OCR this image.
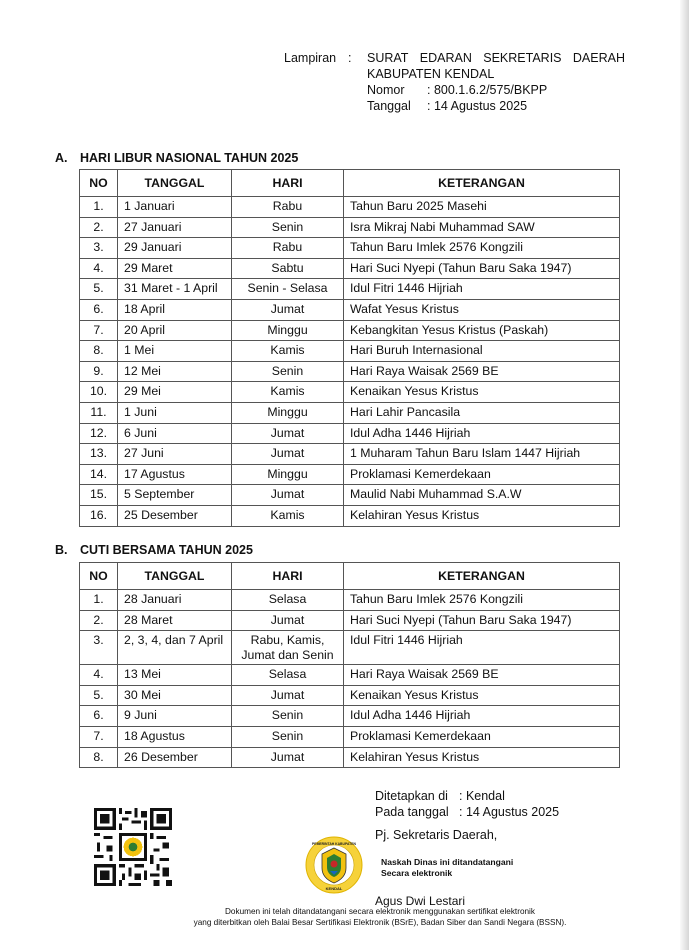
Lampiran : SURAT EDARAN SEKRETARIS DAERAH
KABUPATEN KENDAL
Nomor	: 800.1.6.2/575/BKPP
Tanggal	: 14 Agustus 2025
A. HARI LIBUR NASIONAL TAHUN 2025
NO	TANGGAL	HARI	KETERANGAN
1.	1 Januari	Rabu	Tahun Baru 2025 Masehi
2.	27 Januari	Senin	Isra Mikraj Nabi Muhammad SAW
3.	29 Januari	Rabu	Tahun Baru Imlek 2576 Kongzili
4.	29 Maret	Sabtu	Hari Suci Nyepi (Tahun Baru Saka 1947)
5.	31 Maret - 1 April	Senin - Selasa	Idul Fitri 1446 Hijriah
6.	18 April	Jumat	Wafat Yesus Kristus
7.	20 April	Minggu	Kebangkitan Yesus Kristus (Paskah)
8.	1 Mei	Kamis	Hari Buruh Internasional
9.	12 Mei	Senin	Hari Raya Waisak 2569 BE
10.	29 Mei	Kamis	Kenaikan Yesus Kristus
11.	1 Juni	Minggu	Hari Lahir Pancasila
12.	6 Juni	Jumat	Idul Adha 1446 Hijriah
13.	27 Juni	Jumat	1 Muharam Tahun Baru Islam 1447 Hijriah
14.	17 Agustus	Minggu	Proklamasi Kemerdekaan
15.	5 September	Jumat	Maulid Nabi Muhammad S.A.W
16.	25 Desember	Kamis	Kelahiran Yesus Kristus
B. CUTI BERSAMA TAHUN 2025
NO	TANGGAL	HARI	KETERANGAN
1.	28 Januari	Selasa	Tahun Baru Imlek 2576 Kongzili
2.	28 Maret	Jumat	Hari Suci Nyepi (Tahun Baru Saka 1947)
3.	2, 3, 4, dan 7 April	Rabu, Kamis, Jumat dan Senin	Idul Fitri 1446 Hijriah
4.	13 Mei	Selasa	Hari Raya Waisak 2569 BE
5.	30 Mei	Jumat	Kenaikan Yesus Kristus
6.	9 Juni	Senin	Idul Adha 1446 Hijriah
7.	18 Agustus	Senin	Proklamasi Kemerdekaan
8.	26 Desember	Jumat	Kelahiran Yesus Kristus
PEMERINTAH KABUPATEN
KENDAL
Ditetapkan di : Kendal
Pada tanggal : 14 Agustus 2025
Pj. Sekretaris Daerah,
Naskah Dinas ini ditandatangani
Secara elektronik
Agus Dwi Lestari
Dokumen ini telah ditandatangani secara elektronik menggunakan sertifikat elektronik
yang diterbitkan oleh Balai Besar Sertifikasi Elektronik (BSrE), Badan Siber dan Sandi Negara (BSSN).
